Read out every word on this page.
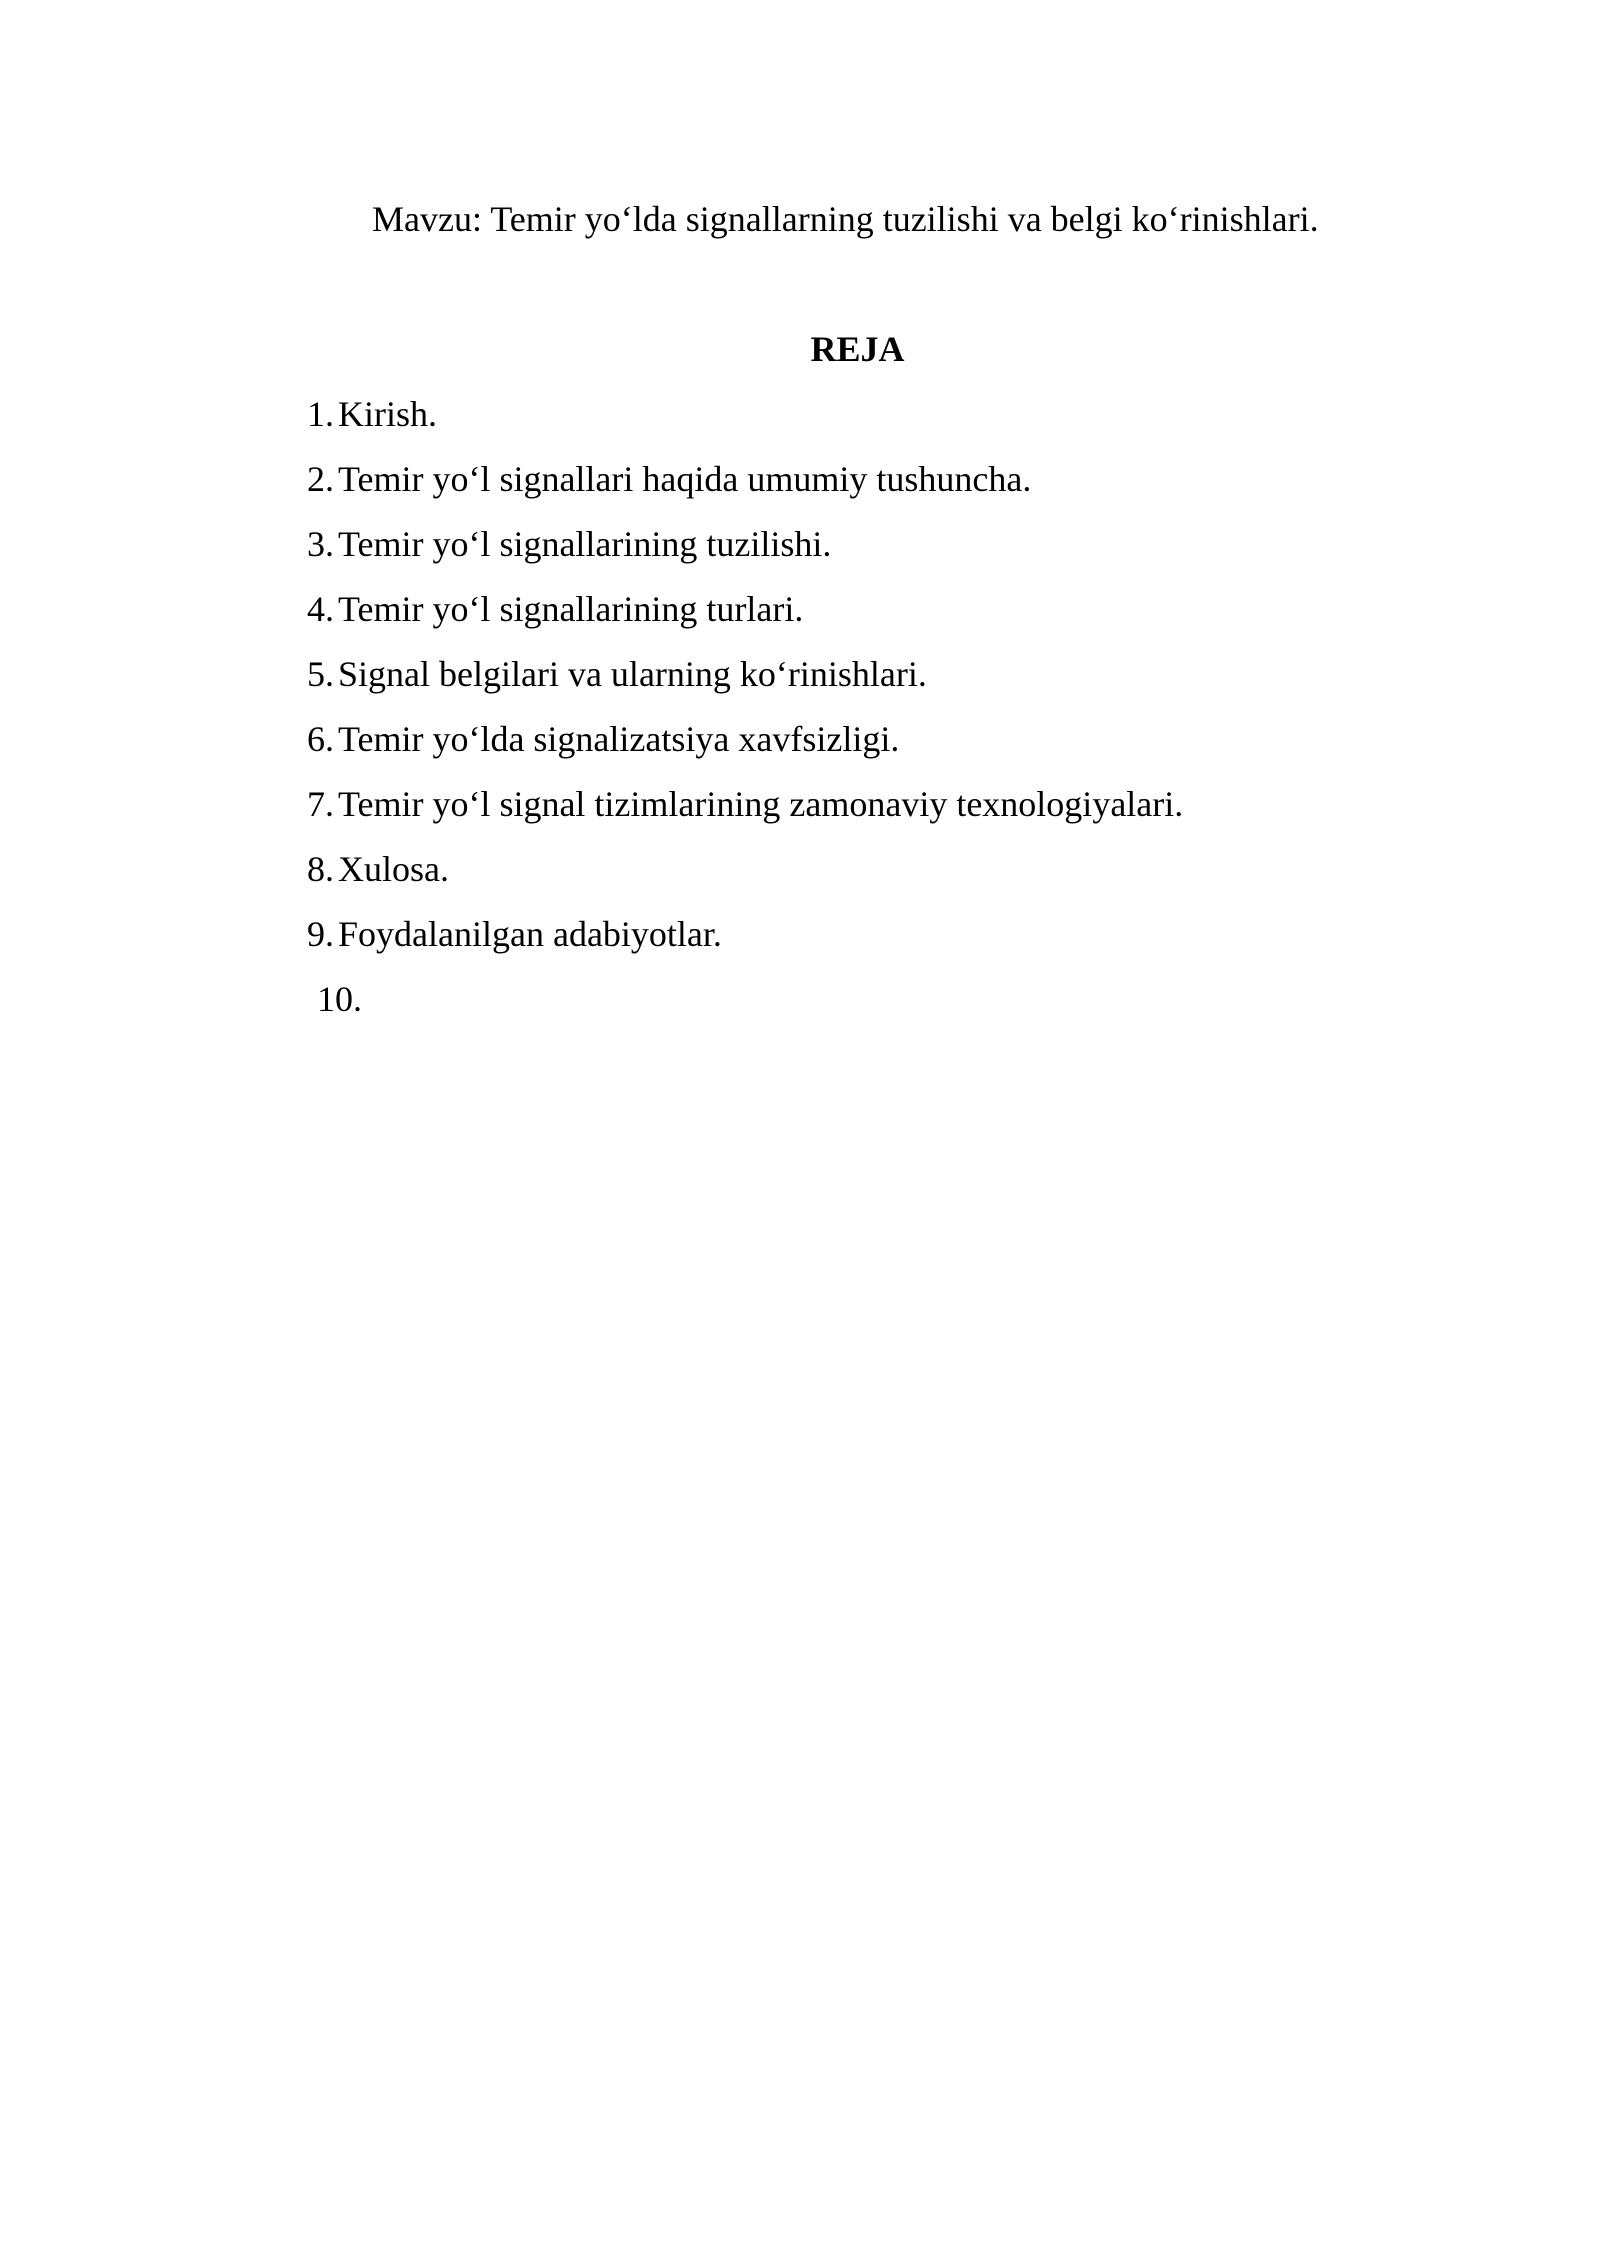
Mavzu: Temir yo‘lda signallarning tuzilishi va belgi ko‘rinishlari.

REJA
1. Kirish.
2. Temir yo‘l signallari haqida umumiy tushuncha.
3. Temir yo‘l signallarining tuzilishi.
4. Temir yo‘l signallarining turlari.
5. Signal belgilari va ularning ko‘rinishlari.
6. Temir yo‘lda signalizatsiya xavfsizligi.
7. Temir yo‘l signal tizimlarining zamonaviy texnologiyalari.
8. Xulosa.
9. Foydalanilgan adabiyotlar.
10.
